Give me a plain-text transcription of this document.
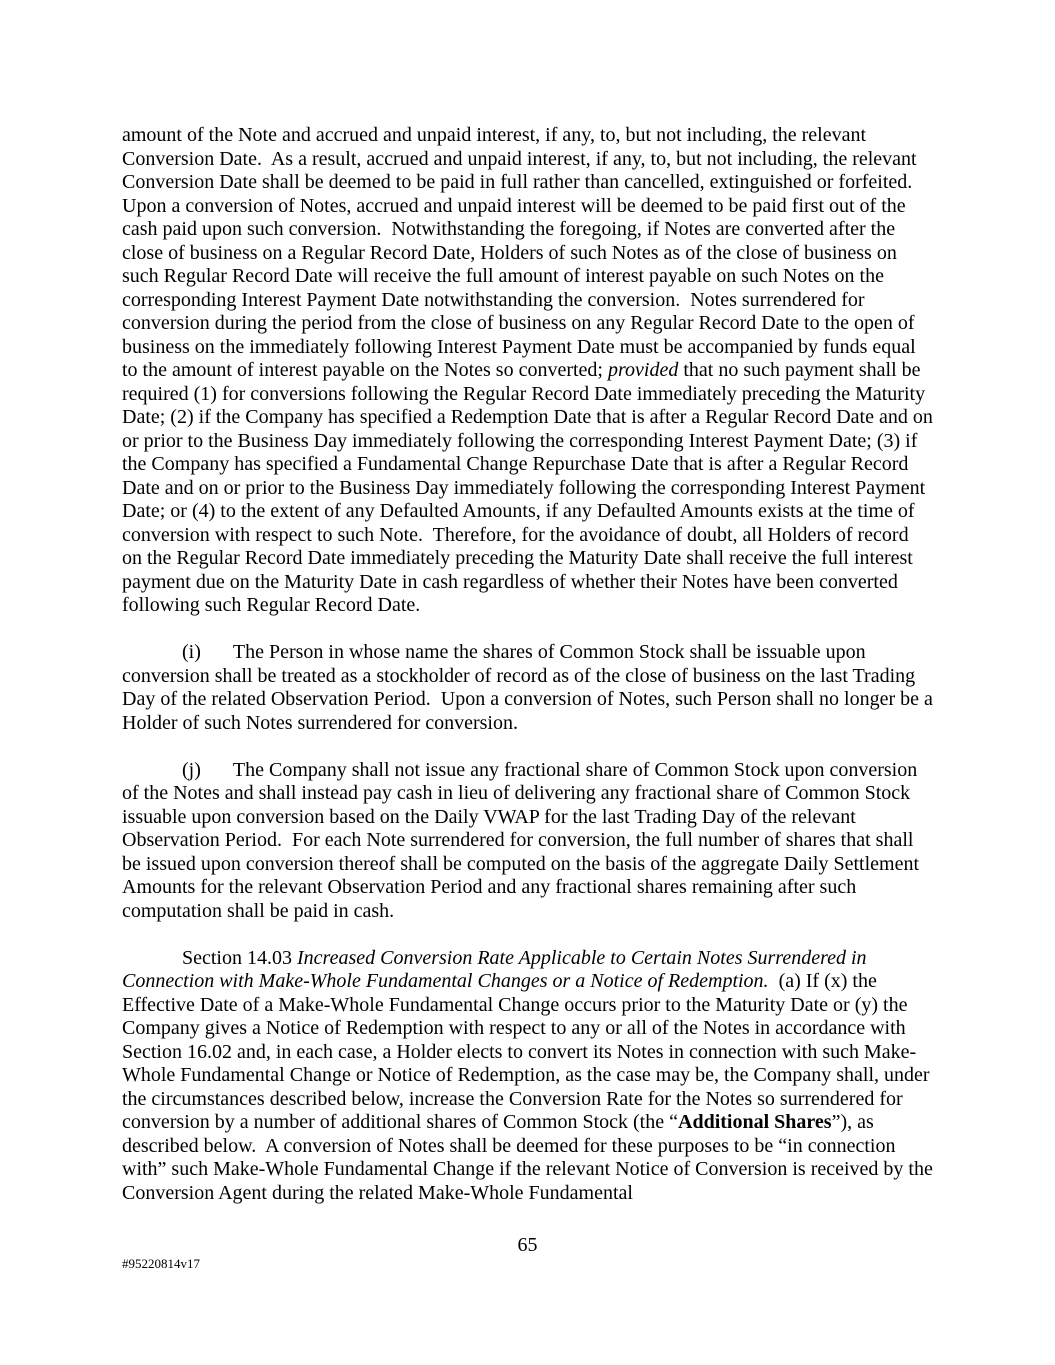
amount of the Note and accrued and unpaid interest, if any, to, but not including, the relevant Conversion Date.  As a result, accrued and unpaid interest, if any, to, but not including, the relevant Conversion Date shall be deemed to be paid in full rather than cancelled, extinguished or forfeited.  Upon a conversion of Notes, accrued and unpaid interest will be deemed to be paid first out of the cash paid upon such conversion.  Notwithstanding the foregoing, if Notes are converted after the close of business on a Regular Record Date, Holders of such Notes as of the close of business on such Regular Record Date will receive the full amount of interest payable on such Notes on the corresponding Interest Payment Date notwithstanding the conversion.  Notes surrendered for conversion during the period from the close of business on any Regular Record Date to the open of business on the immediately following Interest Payment Date must be accompanied by funds equal to the amount of interest payable on the Notes so converted; provided that no such payment shall be required (1) for conversions following the Regular Record Date immediately preceding the Maturity Date; (2) if the Company has specified a Redemption Date that is after a Regular Record Date and on or prior to the Business Day immediately following the corresponding Interest Payment Date; (3) if the Company has specified a Fundamental Change Repurchase Date that is after a Regular Record Date and on or prior to the Business Day immediately following the corresponding Interest Payment Date; or (4) to the extent of any Defaulted Amounts, if any Defaulted Amounts exists at the time of conversion with respect to such Note.  Therefore, for the avoidance of doubt, all Holders of record on the Regular Record Date immediately preceding the Maturity Date shall receive the full interest payment due on the Maturity Date in cash regardless of whether their Notes have been converted following such Regular Record Date.

(i) The Person in whose name the shares of Common Stock shall be issuable upon conversion shall be treated as a stockholder of record as of the close of business on the last Trading Day of the related Observation Period.  Upon a conversion of Notes, such Person shall no longer be a Holder of such Notes surrendered for conversion.

(j) The Company shall not issue any fractional share of Common Stock upon conversion of the Notes and shall instead pay cash in lieu of delivering any fractional share of Common Stock issuable upon conversion based on the Daily VWAP for the last Trading Day of the relevant Observation Period.  For each Note surrendered for conversion, the full number of shares that shall be issued upon conversion thereof shall be computed on the basis of the aggregate Daily Settlement Amounts for the relevant Observation Period and any fractional shares remaining after such computation shall be paid in cash.

Section 14.03 Increased Conversion Rate Applicable to Certain Notes Surrendered in Connection with Make-Whole Fundamental Changes or a Notice of Redemption.  (a) If (x) the Effective Date of a Make-Whole Fundamental Change occurs prior to the Maturity Date or (y) the Company gives a Notice of Redemption with respect to any or all of the Notes in accordance with Section 16.02 and, in each case, a Holder elects to convert its Notes in connection with such Make-Whole Fundamental Change or Notice of Redemption, as the case may be, the Company shall, under the circumstances described below, increase the Conversion Rate for the Notes so surrendered for conversion by a number of additional shares of Common Stock (the “Additional Shares”), as described below.  A conversion of Notes shall be deemed for these purposes to be “in connection with” such Make-Whole Fundamental Change if the relevant Notice of Conversion is received by the Conversion Agent during the related Make-Whole Fundamental

65
#95220814v17
